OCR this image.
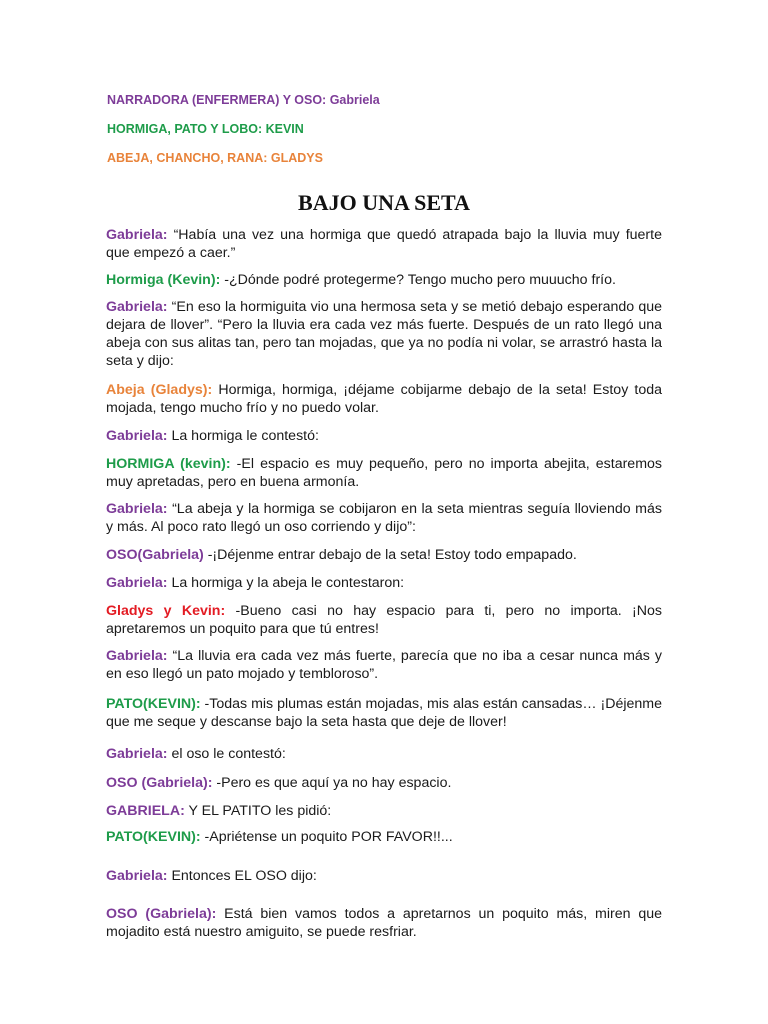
NARRADORA (ENFERMERA) Y OSO: Gabriela

HORMIGA, PATO Y LOBO: KEVIN

ABEJA, CHANCHO, RANA: GLADYS

BAJO UNA SETA

Gabriela: “Había una vez una hormiga que quedó atrapada bajo la lluvia muy fuerte que empezó a caer.”

Hormiga (Kevin): -¿Dónde podré protegerme? Tengo mucho pero muuucho frío.

Gabriela: “En eso la hormiguita vio una hermosa seta y se metió debajo esperando que dejara de llover”. “Pero la lluvia era cada vez más fuerte. Después de un rato llegó una abeja con sus alitas tan, pero tan mojadas, que ya no podía ni volar, se arrastró hasta la seta y dijo:

Abeja (Gladys): Hormiga, hormiga, ¡déjame cobijarme debajo de la seta! Estoy toda mojada, tengo mucho frío y no puedo volar.

Gabriela: La hormiga le contestó:

HORMIGA (kevin): -El espacio es muy pequeño, pero no importa abejita, estaremos muy apretadas, pero en buena armonía.

Gabriela: “La abeja y la hormiga se cobijaron en la seta mientras seguía lloviendo más y más. Al poco rato llegó un oso corriendo y dijo”:

OSO(Gabriela) -¡Déjenme entrar debajo de la seta! Estoy todo empapado.

Gabriela: La hormiga y la abeja le contestaron:

Gladys y Kevin: -Bueno casi no hay espacio para ti, pero no importa. ¡Nos apretaremos un poquito para que tú entres!

Gabriela: “La lluvia era cada vez más fuerte, parecía que no iba a cesar nunca más y en eso llegó un pato mojado y tembloroso”.

PATO(KEVIN): -Todas mis plumas están mojadas, mis alas están cansadas… ¡Déjenme que me seque y descanse bajo la seta hasta que deje de llover!

Gabriela: el oso le contestó:

OSO (Gabriela): -Pero es que aquí ya no hay espacio.

GABRIELA: Y EL PATITO les pidió:

PATO(KEVIN): -Apriétense un poquito POR FAVOR!!...

Gabriela: Entonces EL OSO dijo:

OSO (Gabriela): Está bien vamos todos a apretarnos un poquito más, miren que mojadito está nuestro amiguito, se puede resfriar.
